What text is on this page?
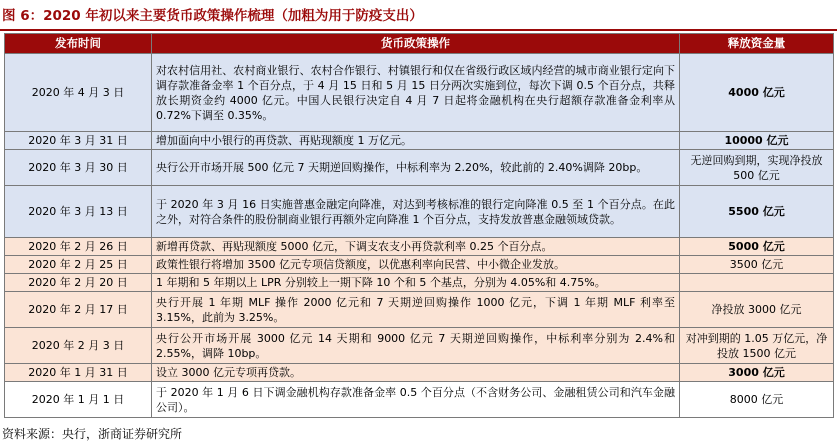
图 6：2020 年初以来主要货币政策操作梳理（加粗为用于防疫支出）
发布时间	货币政策操作	释放资金量
2020 年 4 月 3 日	对农村信用社、农村商业银行、农村合作银行、村镇银行和仅在省级行政区域内经营的城市商业银行定向下调存款准备金率 1 个百分点，于 4 月 15 日和 5 月 15 日分两次实施到位，每次下调 0.5 个百分点，共释放长期资金约 4000 亿元。中国人民银行决定自 4 月 7 日起将金融机构在央行超额存款准备金利率从 0.72%下调至 0.35%。	4000 亿元
2020 年 3 月 31 日	增加面向中小银行的再贷款、再贴现额度 1 万亿元。	10000 亿元
2020 年 3 月 30 日	央行公开市场开展 500 亿元 7 天期逆回购操作，中标利率为 2.20%，较此前的 2.40%调降 20bp。	无逆回购到期，实现净投放 500 亿元
2020 年 3 月 13 日	于 2020 年 3 月 16 日实施普惠金融定向降准，对达到考核标准的银行定向降准 0.5 至 1 个百分点。在此之外，对符合条件的股份制商业银行再额外定向降准 1 个百分点，支持发放普惠金融领域贷款。	5500 亿元
2020 年 2 月 26 日	新增再贷款、再贴现额度 5000 亿元，下调支农支小再贷款利率 0.25 个百分点。	5000 亿元
2020 年 2 月 25 日	政策性银行将增加 3500 亿元专项信贷额度，以优惠利率向民营、中小微企业发放。	3500 亿元
2020 年 2 月 20 日	1 年期和 5 年期以上 LPR 分别较上一期下降 10 个和 5 个基点，分别为 4.05%和 4.75%。	
2020 年 2 月 17 日	央行开展 1 年期 MLF 操作 2000 亿元和 7 天期逆回购操作 1000 亿元，下调 1 年期 MLF 利率至 3.15%，此前为 3.25%。	净投放 3000 亿元
2020 年 2 月 3 日	央行公开市场开展 3000 亿元 14 天期和 9000 亿元 7 天期逆回购操作，中标利率分别为 2.4%和 2.55%，调降 10bp。	对冲到期的 1.05 万亿元，净投放 1500 亿元
2020 年 1 月 31 日	设立 3000 亿元专项再贷款。	3000 亿元
2020 年 1 月 1 日	于 2020 年 1 月 6 日下调金融机构存款准备金率 0.5 个百分点（不含财务公司、金融租赁公司和汽车金融公司）。	8000 亿元
资料来源：央行，浙商证券研究所
